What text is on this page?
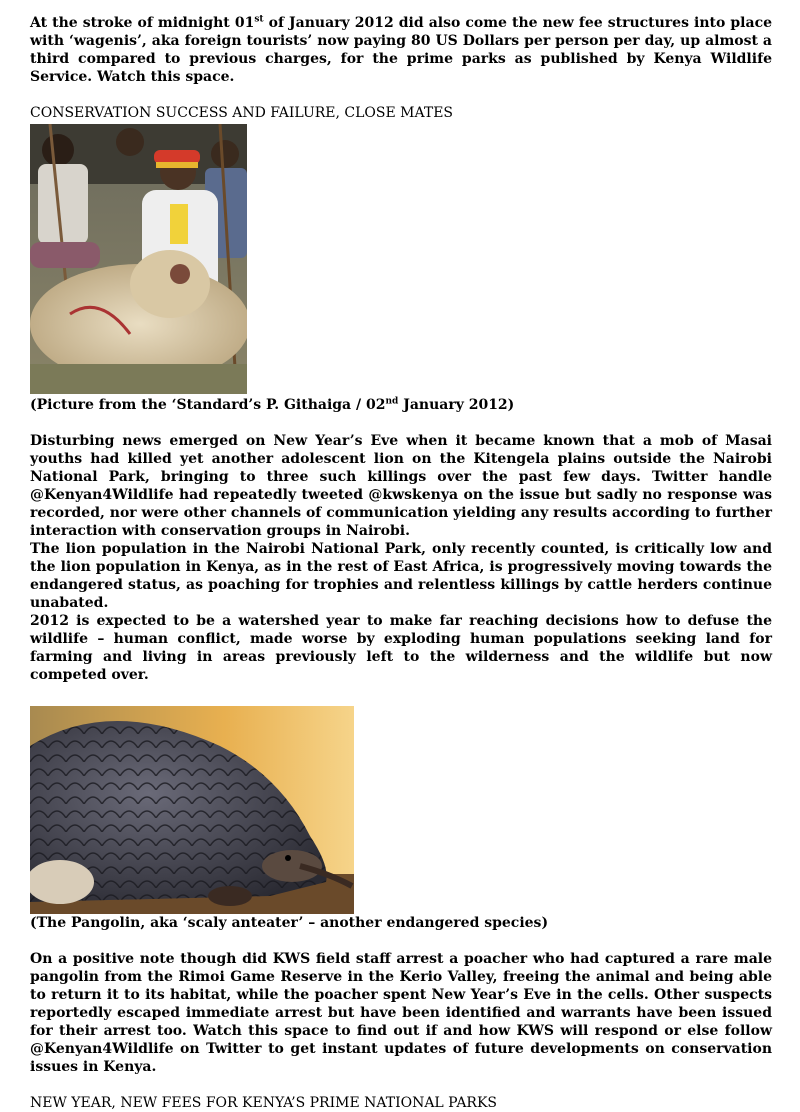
At the stroke of midnight 01st of January 2012 did also come the new fee structures into place with ‘wagenis’, aka foreign tourists’ now paying 80 US Dollars per person per day, up almost a third compared to previous charges, for the prime parks as published by Kenya Wildlife Service. Watch this space.

CONSERVATION SUCCESS AND FAILURE, CLOSE MATES

(Picture from the ‘Standard’s P. Githaiga / 02nd January 2012)

Disturbing news emerged on New Year’s Eve when it became known that a mob of Masai youths had killed yet another adolescent lion on the Kitengela plains outside the Nairobi National Park, bringing to three such killings over the past few days. Twitter handle @Kenyan4Wildlife had repeatedly tweeted @kwskenya on the issue but sadly no response was recorded, nor were other channels of communication yielding any results according to further interaction with conservation groups in Nairobi.

The lion population in the Nairobi National Park, only recently counted, is critically low and the lion population in Kenya, as in the rest of East Africa, is progressively moving towards the endangered status, as poaching for trophies and relentless killings by cattle herders continue unabated.

2012 is expected to be a watershed year to make far reaching decisions how to defuse the wildlife – human conflict, made worse by exploding human populations seeking land for farming and living in areas previously left to the wilderness and the wildlife but now competed over.

(The Pangolin, aka ‘scaly anteater’ – another endangered species)

On a positive note though did KWS field staff arrest a poacher who had captured a rare male pangolin from the Rimoi Game Reserve in the Kerio Valley, freeing the animal and being able to return it to its habitat, while the poacher spent New Year’s Eve in the cells. Other suspects reportedly escaped immediate arrest but have been identified and warrants have been issued for their arrest too. Watch this space to find out if and how KWS will respond or else follow @Kenyan4Wildlife on Twitter to get instant updates of future developments on conservation issues in Kenya.

NEW YEAR, NEW FEES FOR KENYA’S PRIME NATIONAL PARKS
